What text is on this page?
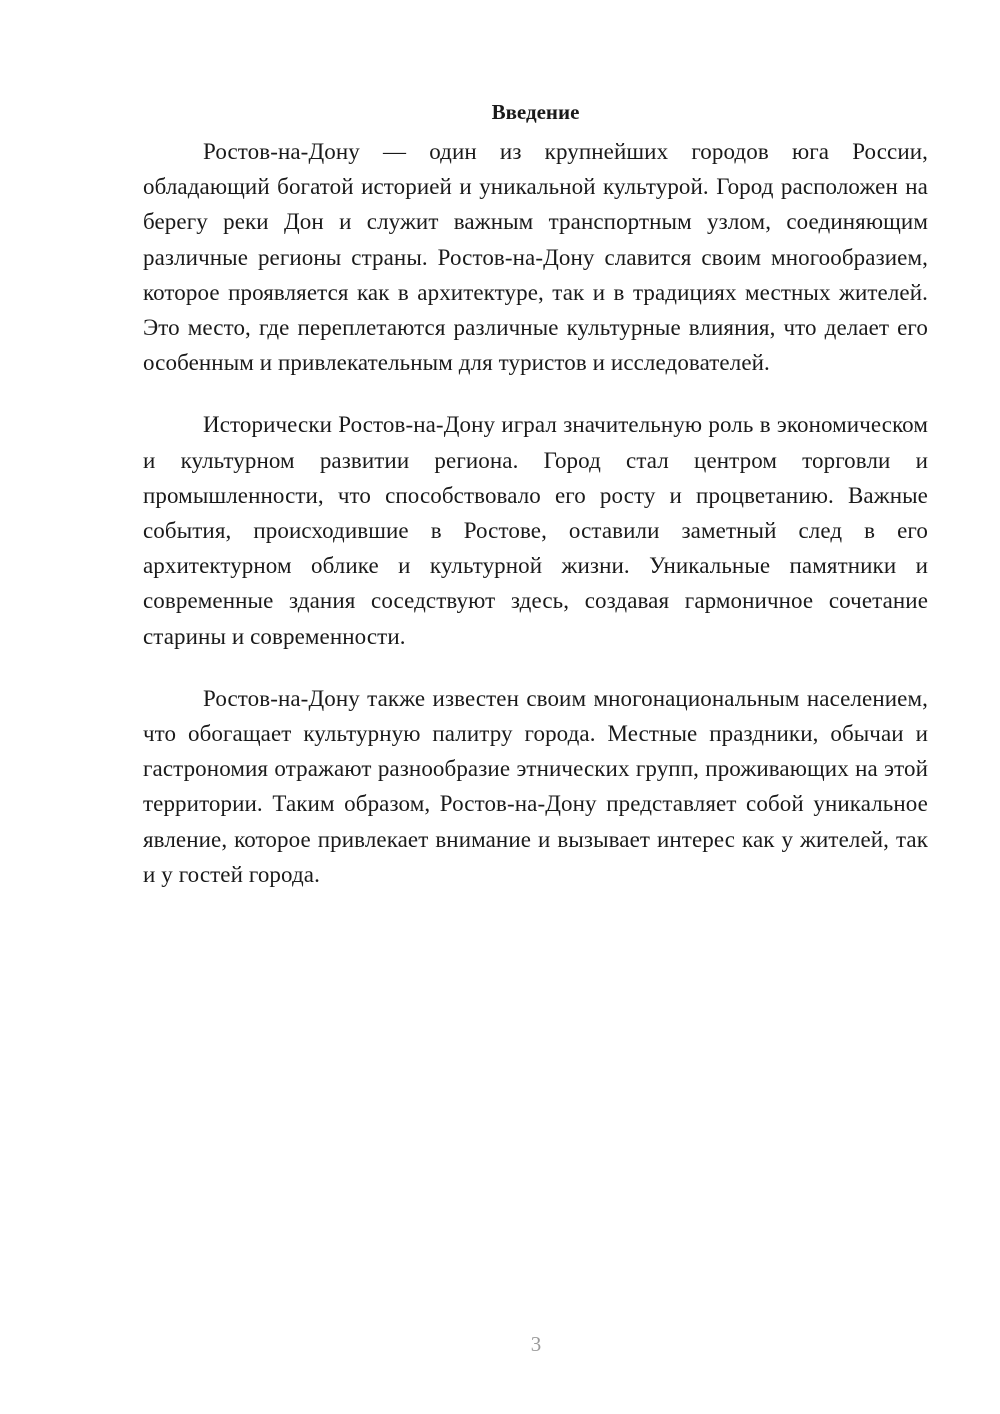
Введение

Ростов-на-Дону — один из крупнейших городов юга России, обладающий богатой историей и уникальной культурой. Город расположен на берегу реки Дон и служит важным транспортным узлом, соединяющим различные регионы страны. Ростов-на-Дону славится своим многообразием, которое проявляется как в архитектуре, так и в традициях местных жителей. Это место, где переплетаются различные культурные влияния, что делает его особенным и привлекательным для туристов и исследователей.

Исторически Ростов-на-Дону играл значительную роль в экономическом и культурном развитии региона. Город стал центром торговли и промышленности, что способствовало его росту и процветанию. Важные события, происходившие в Ростове, оставили заметный след в его архитектурном облике и культурной жизни. Уникальные памятники и современные здания соседствуют здесь, создавая гармоничное сочетание старины и современности.

Ростов-на-Дону также известен своим многонациональным населением, что обогащает культурную палитру города. Местные праздники, обычаи и гастрономия отражают разнообразие этнических групп, проживающих на этой территории. Таким образом, Ростов-на-Дону представляет собой уникальное явление, которое привлекает внимание и вызывает интерес как у жителей, так и у гостей города.

3
